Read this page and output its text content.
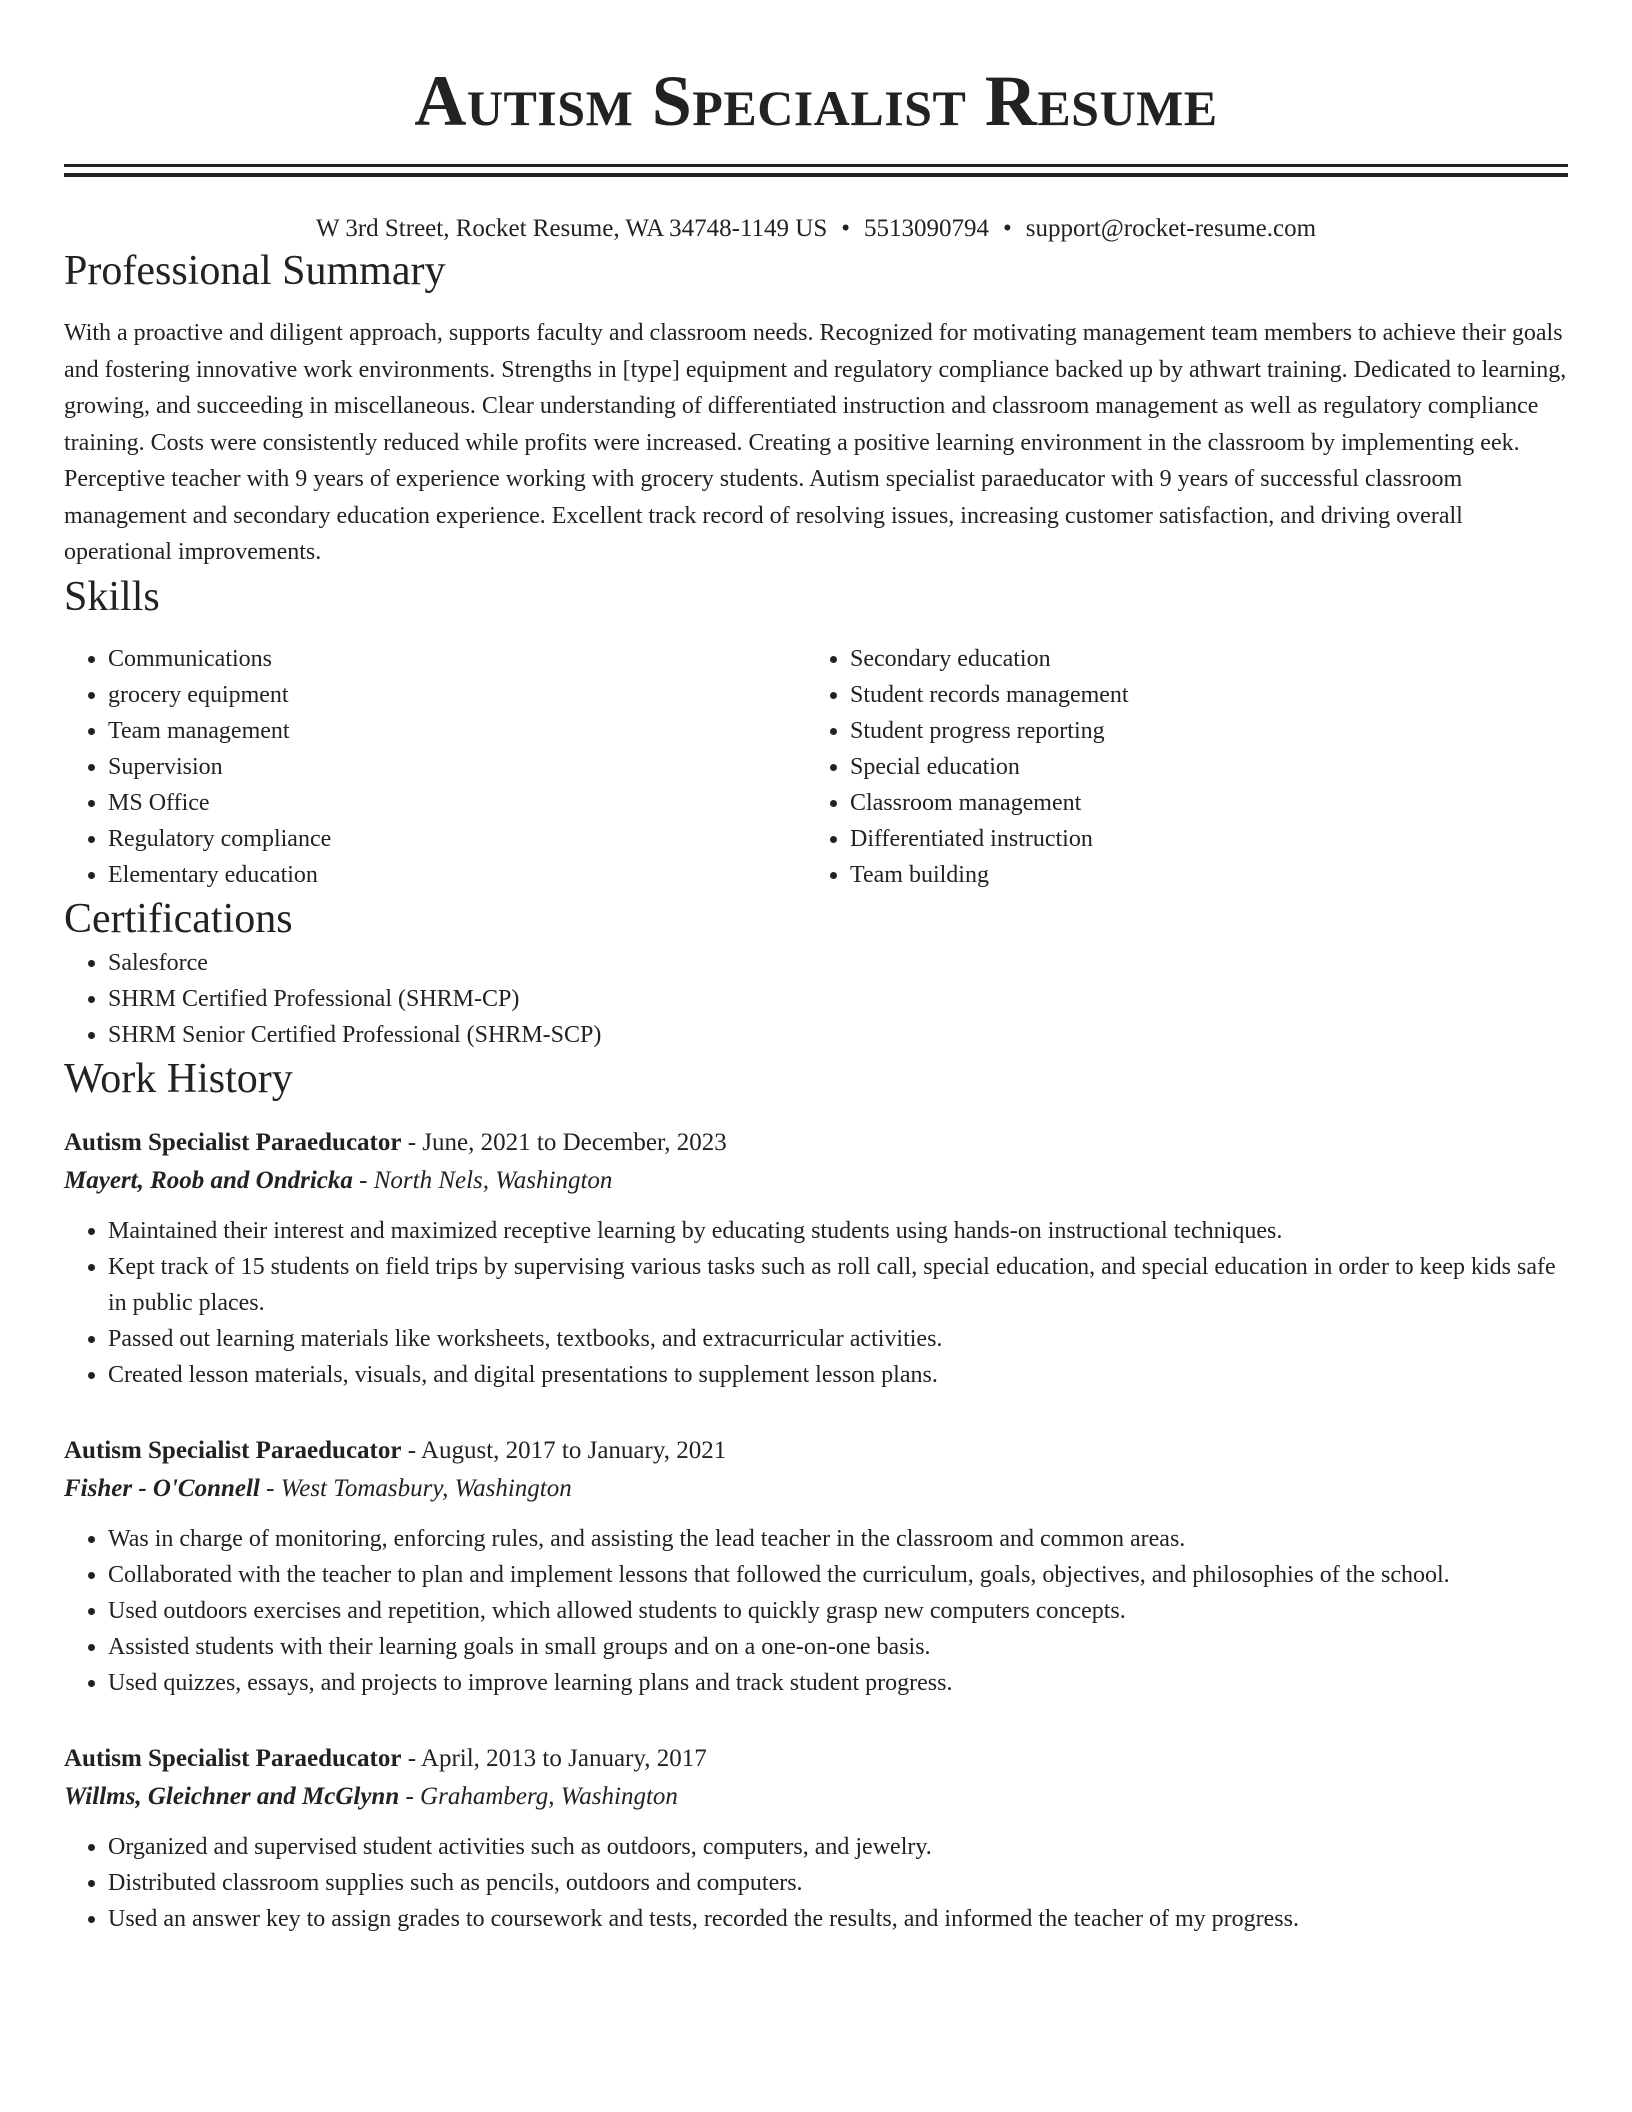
Autism Specialist Resume
W 3rd Street, Rocket Resume, WA 34748-1149 US • 5513090794 • support@rocket-resume.com
Professional Summary

With a proactive and diligent approach, supports faculty and classroom needs. Recognized for motivating management team members to achieve their goals and fostering innovative work environments. Strengths in [type] equipment and regulatory compliance backed up by athwart training. Dedicated to learning, growing, and succeeding in miscellaneous. Clear understanding of differentiated instruction and classroom management as well as regulatory compliance training. Costs were consistently reduced while profits were increased. Creating a positive learning environment in the classroom by implementing eek. Perceptive teacher with 9 years of experience working with grocery students. Autism specialist paraeducator with 9 years of successful classroom management and secondary education experience. Excellent track record of resolving issues, increasing customer satisfaction, and driving overall operational improvements.

Skills
• Communications
• grocery equipment
• Team management
• Supervision
• MS Office
• Regulatory compliance
• Elementary education
• Secondary education
• Student records management
• Student progress reporting
• Special education
• Classroom management
• Differentiated instruction
• Team building
Certifications
• Salesforce
• SHRM Certified Professional (SHRM-CP)
• SHRM Senior Certified Professional (SHRM-SCP)
Work History
Autism Specialist Paraeducator - June, 2021 to December, 2023
Mayert, Roob and Ondricka - North Nels, Washington
• Maintained their interest and maximized receptive learning by educating students using hands-on instructional techniques.
• Kept track of 15 students on field trips by supervising various tasks such as roll call, special education, and special education in order to keep kids safe in public places.
• Passed out learning materials like worksheets, textbooks, and extracurricular activities.
• Created lesson materials, visuals, and digital presentations to supplement lesson plans.
Autism Specialist Paraeducator - August, 2017 to January, 2021
Fisher - O'Connell - West Tomasbury, Washington
• Was in charge of monitoring, enforcing rules, and assisting the lead teacher in the classroom and common areas.
• Collaborated with the teacher to plan and implement lessons that followed the curriculum, goals, objectives, and philosophies of the school.
• Used outdoors exercises and repetition, which allowed students to quickly grasp new computers concepts.
• Assisted students with their learning goals in small groups and on a one-on-one basis.
• Used quizzes, essays, and projects to improve learning plans and track student progress.
Autism Specialist Paraeducator - April, 2013 to January, 2017
Willms, Gleichner and McGlynn - Grahamberg, Washington
• Organized and supervised student activities such as outdoors, computers, and jewelry.
• Distributed classroom supplies such as pencils, outdoors and computers.
• Used an answer key to assign grades to coursework and tests, recorded the results, and informed the teacher of my progress.
